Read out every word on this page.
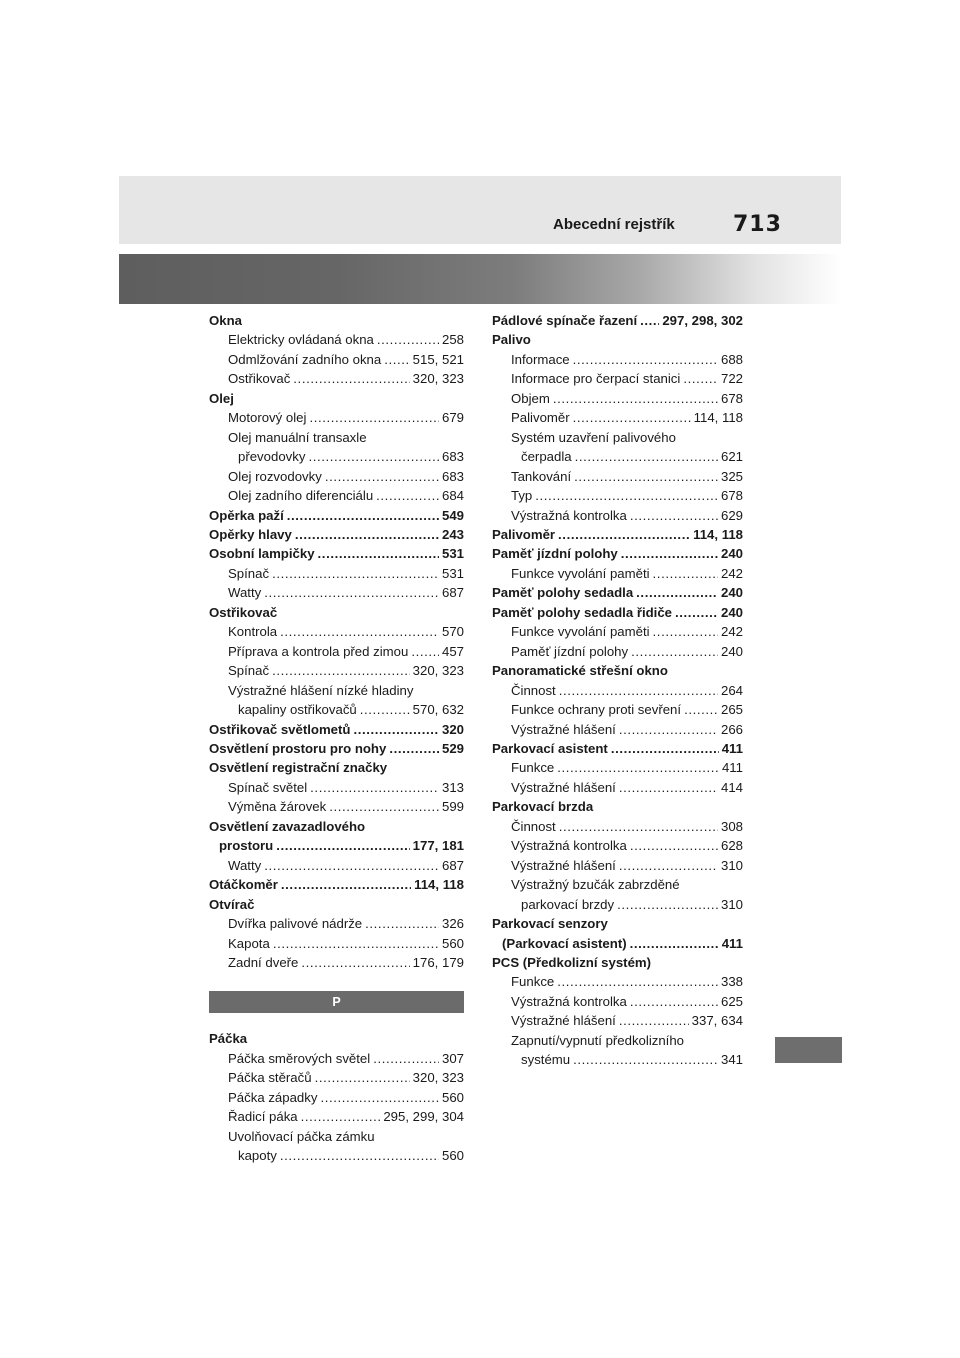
Abecední rejstřík	713
Okna
Elektricky ovládaná okna .....	258
Odmlžování zadního okna ..... 515, 521
Ostřikovač .....	320, 323
Olej
Motorový olej .....	679
Olej manuální transaxle
převodovky .....	683
Olej rozvodovky .....	683
Olej zadního diferenciálu .....	684
Opěrka paží .....	549
Opěrky hlavy .....	243
Osobní lampičky .....	531
Spínač .....	531
Watty .....	687
Ostřikovač
Kontrola .....	570
Příprava a kontrola před zimou .....	457
Spínač .....	320, 323
Výstražné hlášení nízké hladiny
kapaliny ostřikovačů .....	570, 632
Ostřikovač světlometů .....	320
Osvětlení prostoru pro nohy .....	529
Osvětlení registrační značky
Spínač světel .....	313
Výměna žárovek .....	599
Osvětlení zavazadlového
prostoru .....	177, 181
Watty .....	687
Otáčkoměr .....	114, 118
Otvírač
Dvířka palivové nádrže .....	326
Kapota .....	560
Zadní dveře .....	176, 179
P
Páčka
Páčka směrových světel .....	307
Páčka stěračů .....	320, 323
Páčka západky .....	560
Řadicí páka .....	295, 299, 304
Uvolňovací páčka zámku
kapoty .....	560
Pádlové spínače řazení ..... 297, 298, 302
Palivo
Informace .....	688
Informace pro čerpací stanici .....	722
Objem .....	678
Palivoměr .....	114, 118
Systém uzavření palivového
čerpadla .....	621
Tankování .....	325
Typ .....	678
Výstražná kontrolka .....	629
Palivoměr .....	114, 118
Paměť jízdní polohy .....	240
Funkce vyvolání paměti .....	242
Paměť polohy sedadla .....	240
Paměť polohy sedadla řidiče .....	240
Funkce vyvolání paměti .....	242
Paměť jízdní polohy .....	240
Panoramatické střešní okno
Činnost .....	264
Funkce ochrany proti sevření .....	265
Výstražné hlášení .....	266
Parkovací asistent .....	411
Funkce .....	411
Výstražné hlášení .....	414
Parkovací brzda
Činnost .....	308
Výstražná kontrolka .....	628
Výstražné hlášení .....	310
Výstražný bzučák zabrzděné
parkovací brzdy .....	310
Parkovací senzory
(Parkovací asistent) .....	411
PCS (Předkolizní systém)
Funkce .....	338
Výstražná kontrolka .....	625
Výstražné hlášení .....	337, 634
Zapnutí/vypnutí předkolizního
systému .....	341
